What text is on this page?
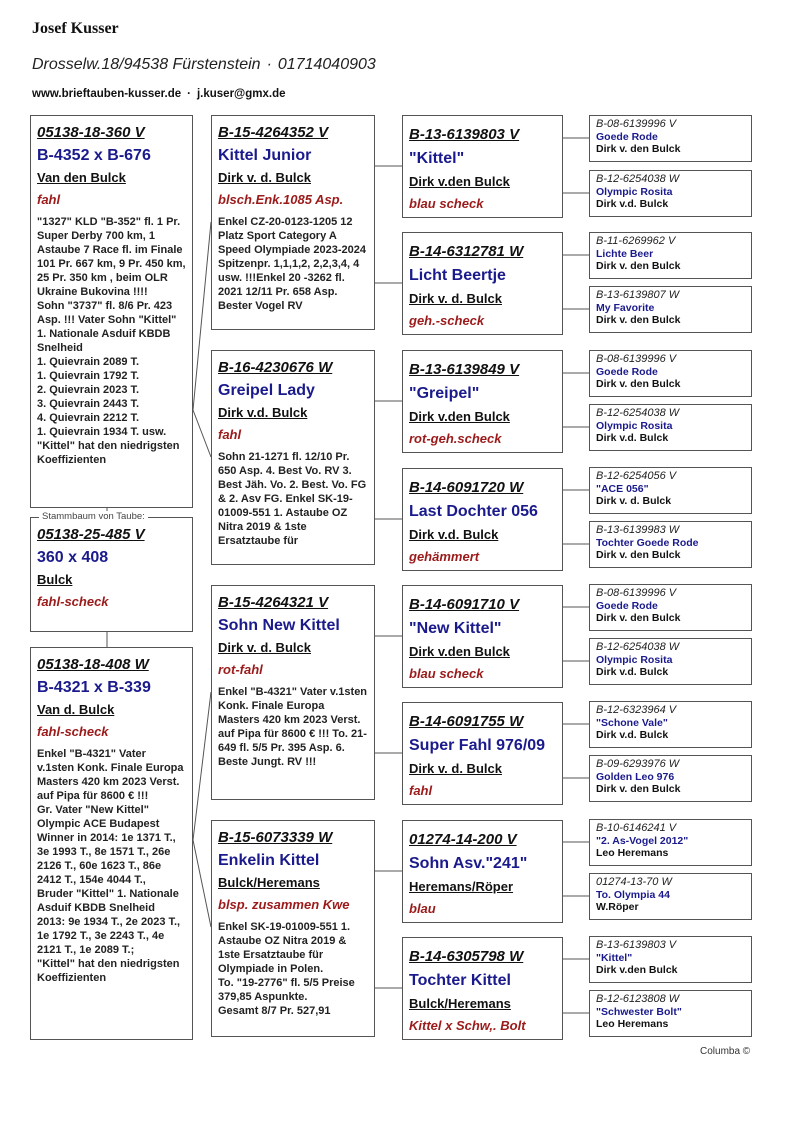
Josef Kusser
Drosselw.18/94538 Fürstenstein · 01714040903
www.brieftauben-kusser.de · j.kuser@gmx.de
05138-18-360 V
B-4352 x B-676
Van den Bulck
fahl
"1327" KLD "B-352" fl. 1 Pr. Super Derby 700 km, 1 Astaube 7 Race fl. im Finale 101 Pr. 667 km, 9 Pr. 450 km, 25 Pr. 350 km , beim OLR Ukraine Bukovina !!!!
Sohn "3737" fl. 8/6 Pr. 423 Asp. !!! Vater Sohn "Kittel" 1. Nationale Asduif KBDB Snelheid
1. Quievrain 2089 T.
1. Quievrain 1792 T.
2. Quievrain 2023 T.
3. Quievrain 2443 T.
4. Quievrain 2212 T.
1. Quievrain 1934 T. usw.
"Kittel" hat den niedrigsten Koeffizienten
05138-25-485 V
360 x 408
Bulck
fahl-scheck
Stammbaum von Taube:
05138-18-408 W
B-4321 x B-339
Van d. Bulck
fahl-scheck
Enkel "B-4321" Vater v.1sten Konk. Finale Europa Masters 420 km 2023 Verst. auf Pipa für 8600 € !!!
Gr. Vater "New Kittel" Olympic ACE Budapest Winner in 2014: 1e 1371 T., 3e 1993 T., 8e 1571 T., 26e 2126 T., 60e 1623 T., 86e 2412 T., 154e 4044 T.,
Bruder "Kittel" 1. Nationale Asduif KBDB Snelheid 2013: 9e 1934 T., 2e 2023 T., 1e 1792 T., 3e 2243 T., 4e 2121 T., 1e 2089 T.;
"Kittel" hat den niedrigsten Koeffizienten
B-15-4264352 V
Kittel Junior
Dirk v. d. Bulck
blsch.Enk.1085 Asp.
Enkel CZ-20-0123-1205 12 Platz Sport Category A Speed Olympiade 2023-2024 Spitzenpr. 1,1,1,2, 2,2,3,4, 4 usw. !!!Enkel 20 -3262 fl. 2021 12/11 Pr. 658 Asp. Bester Vogel RV
B-16-4230676 W
Greipel Lady
Dirk v.d. Bulck
fahl
Sohn 21-1271 fl. 12/10 Pr. 650 Asp. 4. Best Vo. RV 3. Best Jäh. Vo. 2. Best. Vo. FG & 2. Asv FG. Enkel SK-19-01009-551 1. Astaube OZ Nitra 2019 & 1ste Ersatztaube für
B-15-4264321 V
Sohn New Kittel
Dirk v. d. Bulck
rot-fahl
Enkel "B-4321" Vater v.1sten Konk. Finale Europa Masters 420 km 2023 Verst. auf Pipa für 8600 € !!! To. 21-649 fl. 5/5 Pr. 395 Asp. 6. Beste Jungt. RV !!!
B-15-6073339 W
Enkelin Kittel
Bulck/Heremans
blsp. zusammen Kwe
Enkel SK-19-01009-551 1. Astaube OZ Nitra 2019 & 1ste Ersatztaube für Olympiade in Polen.
To. "19-2776" fl. 5/5 Preise 379,85 Aspunkte.
Gesamt 8/7 Pr. 527,91
B-13-6139803 V
"Kittel"
Dirk v.den Bulck
blau scheck
B-14-6312781 W
Licht Beertje
Dirk v. d. Bulck
geh.-scheck
B-13-6139849 V
"Greipel"
Dirk v.den Bulck
rot-geh.scheck
B-14-6091720 W
Last Dochter 056
Dirk v.d. Bulck
gehämmert
B-14-6091710 V
"New Kittel"
Dirk v.den Bulck
blau scheck
B-14-6091755 W
Super Fahl 976/09
Dirk v. d. Bulck
fahl
01274-14-200 V
Sohn Asv."241"
Heremans/Röper
blau
B-14-6305798 W
Tochter Kittel
Bulck/Heremans
Kittel x Schw,. Bolt
B-08-6139996 V
Goede Rode
Dirk v. den Bulck
B-12-6254038 W
Olympic Rosita
Dirk v.d. Bulck
B-11-6269962 V
Lichte Beer
Dirk v. den Bulck
B-13-6139807 W
My Favorite
Dirk v. den Bulck
B-08-6139996 V
Goede Rode
Dirk v. den Bulck
B-12-6254038 W
Olympic Rosita
Dirk v.d. Bulck
B-12-6254056 V
"ACE 056"
Dirk v. d. Bulck
B-13-6139983 W
Tochter Goede Rode
Dirk v. den Bulck
B-08-6139996 V
Goede Rode
Dirk v. den Bulck
B-12-6254038 W
Olympic Rosita
Dirk v.d. Bulck
B-12-6323964 V
"Schone Vale"
Dirk v.d. Bulck
B-09-6293976 W
Golden Leo 976
Dirk v. den Bulck
B-10-6146241 V
"2. As-Vogel 2012"
Leo Heremans
01274-13-70 W
To. Olympia 44
W.Röper
B-13-6139803 V
"Kittel"
Dirk v.den Bulck
B-12-6123808 W
"Schwester Bolt"
Leo Heremans
Columba ©
